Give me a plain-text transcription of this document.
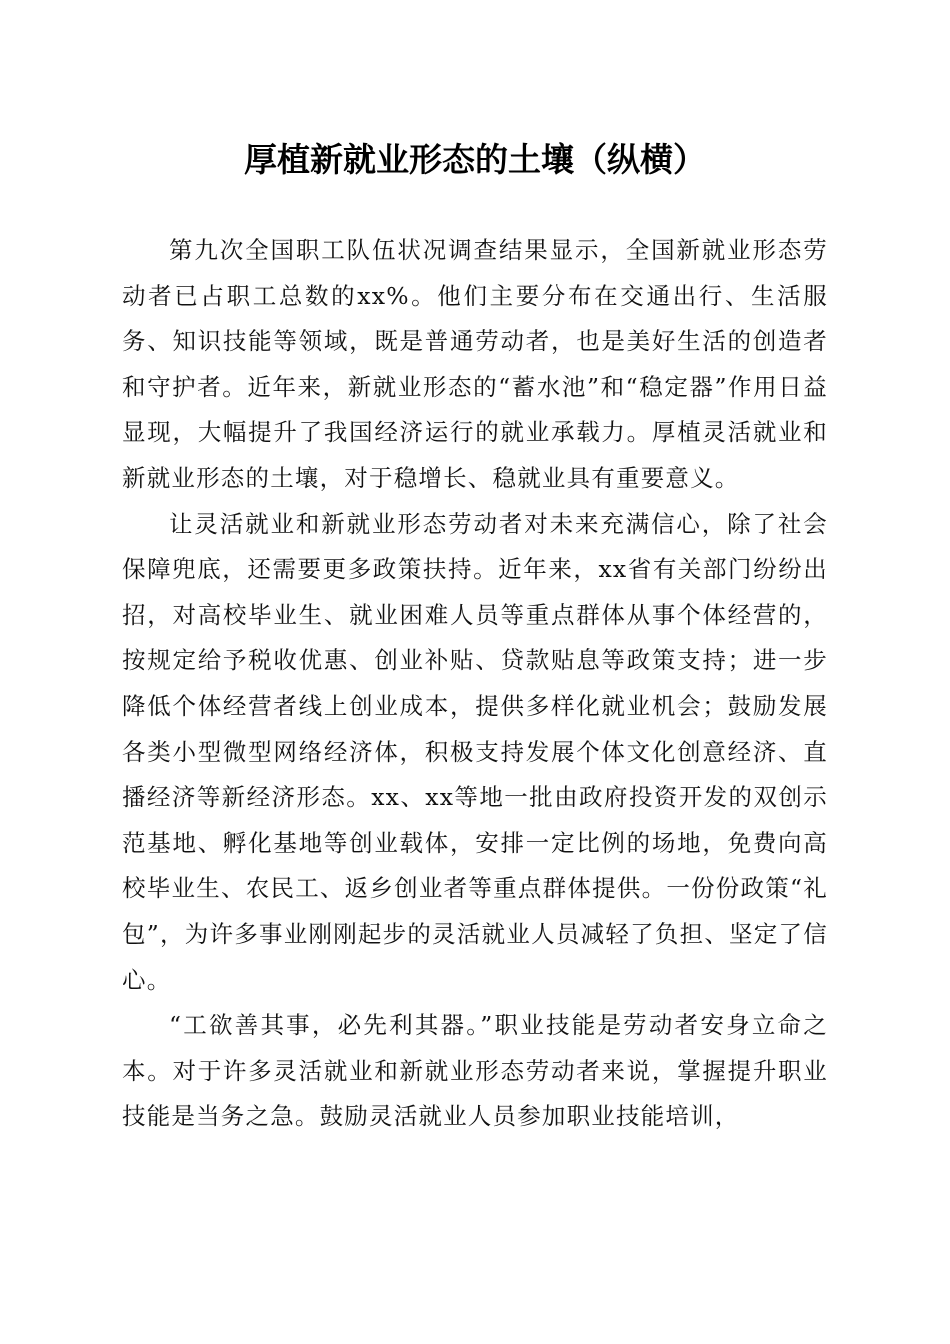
厚植新就业形态的土壤（纵横）

第九次全国职工队伍状况调查结果显示，全国新就业形态劳动者已占职工总数的xx%。他们主要分布在交通出行、生活服务、知识技能等领域，既是普通劳动者，也是美好生活的创造者和守护者。近年来，新就业形态的“蓄水池”和“稳定器”作用日益显现，大幅提升了我国经济运行的就业承载力。厚植灵活就业和新就业形态的土壤，对于稳增长、稳就业具有重要意义。

让灵活就业和新就业形态劳动者对未来充满信心，除了社会保障兜底，还需要更多政策扶持。近年来，xx省有关部门纷纷出招，对高校毕业生、就业困难人员等重点群体从事个体经营的，按规定给予税收优惠、创业补贴、贷款贴息等政策支持；进一步降低个体经营者线上创业成本，提供多样化就业机会；鼓励发展各类小型微型网络经济体，积极支持发展个体文化创意经济、直播经济等新经济形态。xx、xx等地一批由政府投资开发的双创示范基地、孵化基地等创业载体，安排一定比例的场地，免费向高校毕业生、农民工、返乡创业者等重点群体提供。一份份政策“礼包”，为许多事业刚刚起步的灵活就业人员减轻了负担、坚定了信心。

“工欲善其事，必先利其器。”职业技能是劳动者安身立命之本。对于许多灵活就业和新就业形态劳动者来说，掌握提升职业技能是当务之急。鼓励灵活就业人员参加职业技能培训，
